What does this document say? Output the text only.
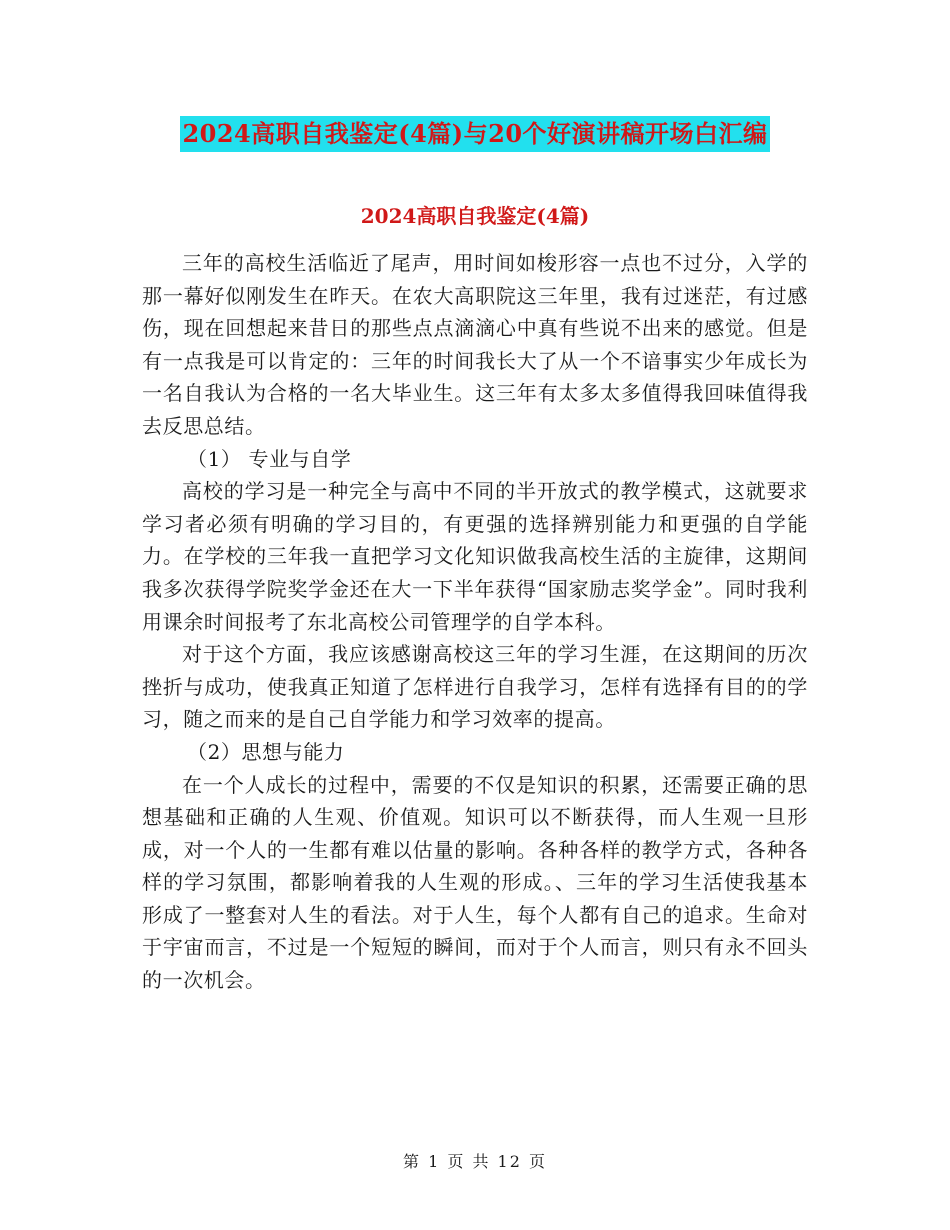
2024高职自我鉴定(4篇)与20个好演讲稿开场白汇编
2024高职自我鉴定(4篇)

三年的高校生活临近了尾声，用时间如梭形容一点也不过分，入学的那一幕好似刚发生在昨天。在农大高职院这三年里，我有过迷茫，有过感伤，现在回想起来昔日的那些点点滴滴心中真有些说不出来的感觉。但是有一点我是可以肯定的：三年的时间我长大了从一个不谙事实少年成长为一名自我认为合格的一名大毕业生。这三年有太多太多值得我回味值得我去反思总结。

（1） 专业与自学

高校的学习是一种完全与高中不同的半开放式的教学模式，这就要求学习者必须有明确的学习目的，有更强的选择辨别能力和更强的自学能力。在学校的三年我一直把学习文化知识做我高校生活的主旋律，这期间我多次获得学院奖学金还在大一下半年获得“国家励志奖学金”。同时我利用课余时间报考了东北高校公司管理学的自学本科。

对于这个方面，我应该感谢高校这三年的学习生涯，在这期间的历次挫折与成功，使我真正知道了怎样进行自我学习，怎样有选择有目的的学习，随之而来的是自己自学能力和学习效率的提高。

（2）思想与能力

在一个人成长的过程中，需要的不仅是知识的积累，还需要正确的思想基础和正确的人生观、价值观。知识可以不断获得，而人生观一旦形成，对一个人的一生都有难以估量的影响。各种各样的教学方式，各种各样的学习氛围，都影响着我的人生观的形成。、三年的学习生活使我基本形成了一整套对人生的看法。对于人生，每个人都有自己的追求。生命对于宇宙而言，不过是一个短短的瞬间，而对于个人而言，则只有永不回头的一次机会。

第 1 页 共 12 页
